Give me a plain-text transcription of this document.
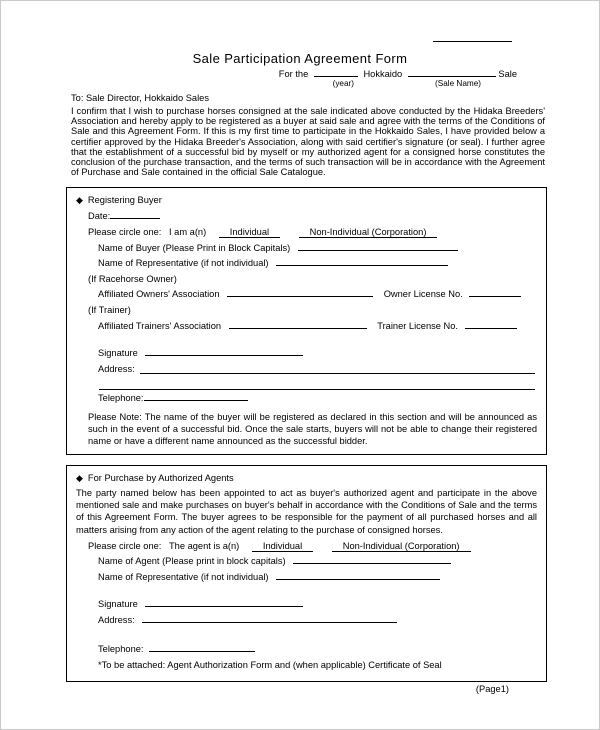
Sale Participation Agreement Form
For the	Hokkaido	Sale
(year)	(Sale Name)
To: Sale Director, Hokkaido Sales
I confirm that I wish to purchase horses consigned at the sale indicated above conducted by the Hidaka Breeders' Association and hereby apply to be registered as a buyer at said sale and agree with the terms of the Conditions of Sale and this Agreement Form. If this is my first time to participate in the Hokkaido Sales, I have provided below a certifier approved by the Hidaka Breeder's Association, along with said certifier's signature (or seal). I further agree that the establishment of a successful bid by myself or my authorized agent for a consigned horse constitutes the conclusion of the purchase transaction, and the terms of such transaction will be in accordance with the Agreement of Purchase and Sale contained in the official Sale Catalogue.
◆ Registering Buyer
Date:
Please circle one: I am a(n)	Individual	Non-Individual (Corporation)
Name of Buyer (Please Print in Block Capitals)
Name of Representative (if not individual)
(If Racehorse Owner)
Affiliated Owners' Association	Owner License No.
(If Trainer)
Affiliated Trainers' Association	Trainer License No.
Signature
Address:
Telephone:
Please Note: The name of the buyer will be registered as declared in this section and will be announced as such in the event of a successful bid. Once the sale starts, buyers will not be able to change their registered name or have a different name announced as the successful bidder.
◆ For Purchase by Authorized Agents
The party named below has been appointed to act as buyer's authorized agent and participate in the above mentioned sale and make purchases on buyer's behalf in accordance with the Conditions of Sale and the terms of this Agreement Form. The buyer agrees to be responsible for the payment of all purchased horses and all matters arising from any action of the agent relating to the purchase of consigned horses.
Please circle one: The agent is a(n)	Individual	Non-Individual (Corporation)
Name of Agent (Please print in block capitals)
Name of Representative (if not individual)
Signature
Address:
Telephone:
*To be attached: Agent Authorization Form and (when applicable) Certificate of Seal
(Page1)
